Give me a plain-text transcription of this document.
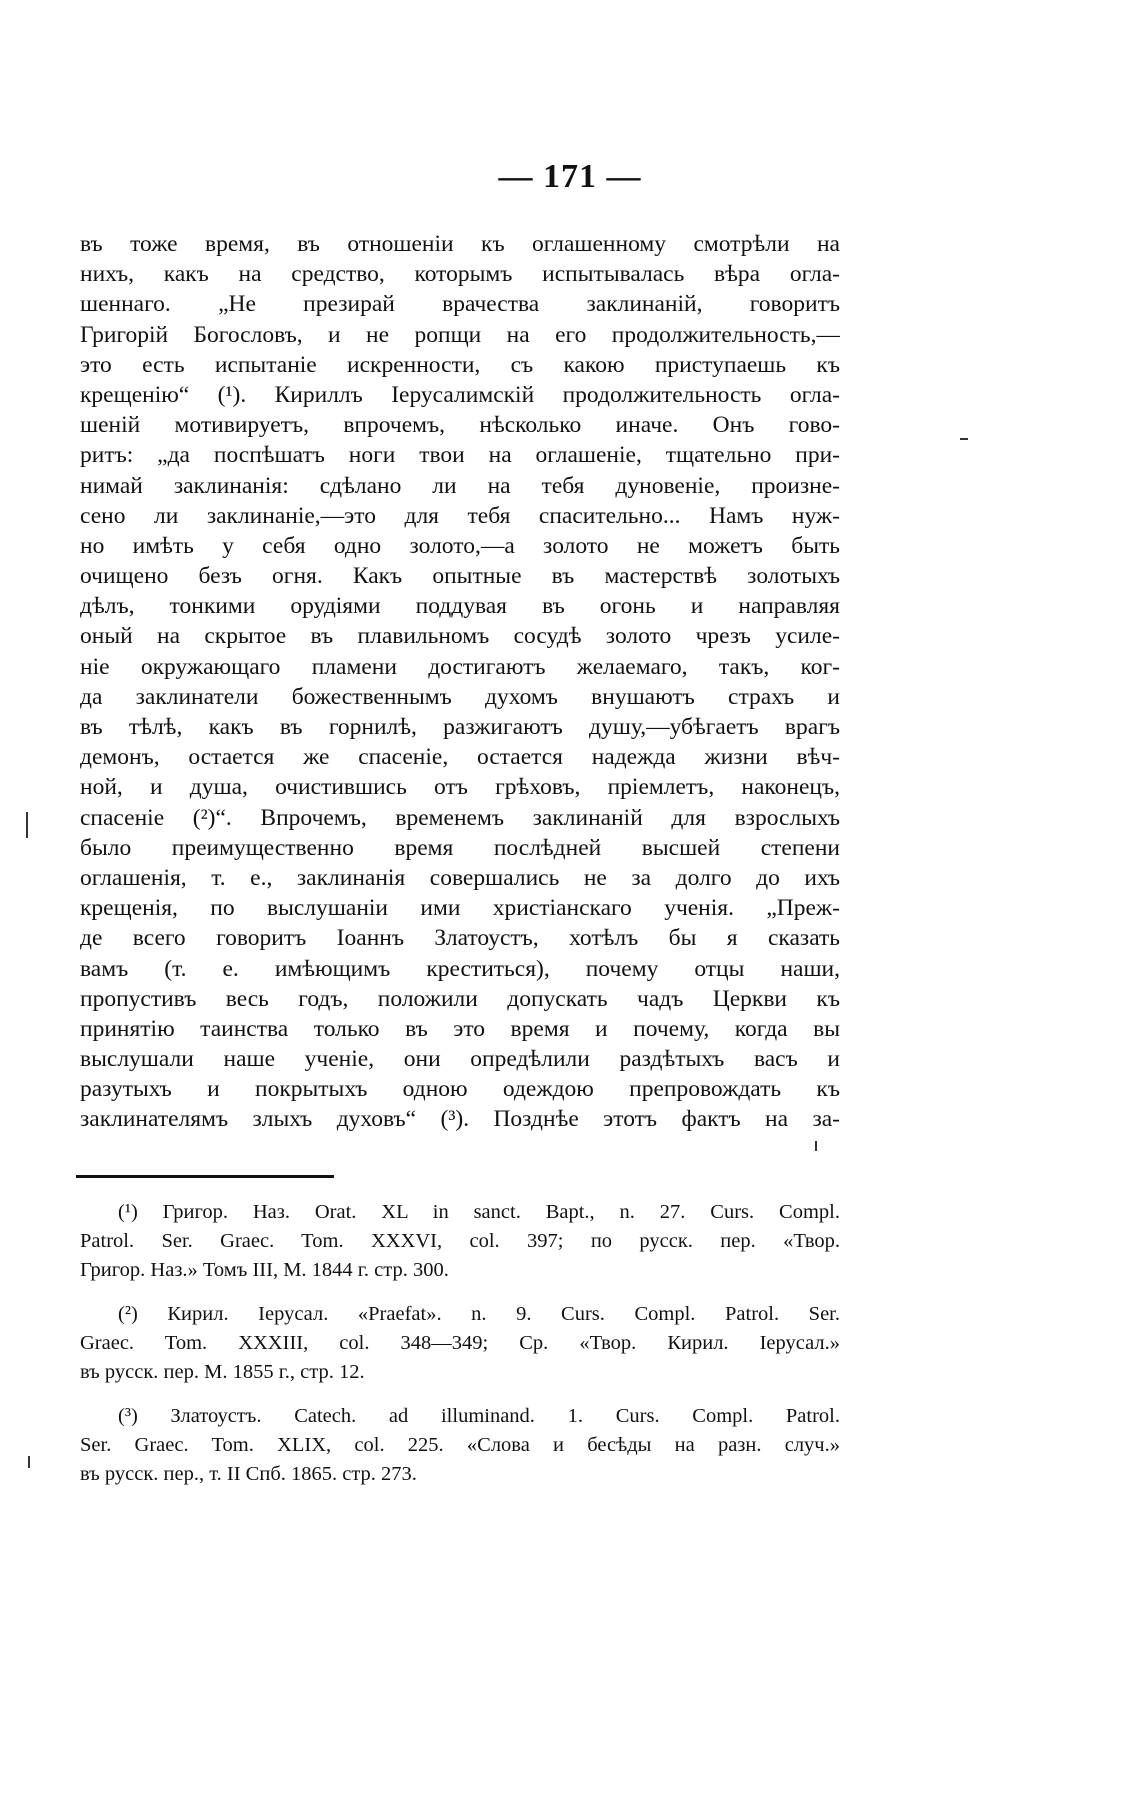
— 171 —
въ тоже время, въ отношенiи къ оглашенному смотрѣли на
нихъ, какъ на средство, которымъ испытывалась вѣра огла-
шеннаго. „Не презирай врачества заклинанiй, говоритъ
Григорiй Богословъ, и не ропщи на его продолжительность,—
это есть испытанiе искренности, съ какою приступаешь къ
крещенiю“ (¹). Кириллъ Iерусалимскiй продолжительность огла-
шенiй мотивируетъ, впрочемъ, нѣсколько иначе. Онъ гово-
ритъ: „да поспѣшатъ ноги твои на оглашенiе, тщательно при-
нимай заклинанiя: сдѣлано ли на тебя дуновенiе, произне-
сено ли заклинанiе,—это для тебя спасительно... Намъ нуж-
но имѣть у себя одно золото,—а золото не можетъ быть
очищено безъ огня. Какъ опытные въ мастерствѣ золотыхъ
дѣлъ, тонкими орудiями поддувая въ огонь и направляя
оный на скрытое въ плавильномъ сосудѣ золото чрезъ усиле-
нiе окружающаго пламени достигаютъ желаемаго, такъ, ког-
да заклинатели божественнымъ духомъ внушаютъ страхъ и
въ тѣлѣ, какъ въ горнилѣ, разжигаютъ душу,—убѣгаетъ врагъ
демонъ, остается же спасенiе, остается надежда жизни вѣч-
ной, и душа, очистившись отъ грѣховъ, прiемлетъ, наконецъ,
спасенiе (²)“. Впрочемъ, временемъ заклинанiй для взрослыхъ
было преимущественно время послѣдней высшей степени
оглашенiя, т. е., заклинанiя совершались не за долго до ихъ
крещенiя, по выслушанiи ими христiанскаго ученiя. „Преж-
де всего говоритъ Iоаннъ Златоустъ, хотѣлъ бы я сказать
вамъ (т. е. имѣющимъ креститься), почему отцы наши,
пропустивъ весь годъ, положили допускать чадъ Церкви къ
принятiю таинства только въ это время и почему, когда вы
выслушали наше ученiе, они опредѣлили раздѣтыхъ васъ и
разутыхъ и покрытыхъ одною одеждою препровождать къ
заклинателямъ злыхъ духовъ“ (³). Позднѣе этотъ фактъ на за-
(¹) Григор. Наз. Orat. XL in sanct. Bapt., n. 27. Curs. Compl.
Patrol. Ser. Graec. Tom. XXXVI, col. 397; по русск. пер. «Твор.
Григор. Наз.» Томъ III, М. 1844 г. стр. 300.
(²) Кирил. Iерусал. «Praefat». n. 9. Curs. Compl. Patrol. Ser.
Graec. Tom. XXXIII, col. 348—349; Ср. «Твор. Кирил. Iерусал.»
въ русск. пер. М. 1855 г., стр. 12.
(³) Златоустъ. Catech. ad illuminand. 1. Curs. Compl. Patrol.
Ser. Graec. Tom. XLIX, col. 225. «Слова и бесѣды на разн. случ.»
въ русск. пер., т. II Спб. 1865. стр. 273.
